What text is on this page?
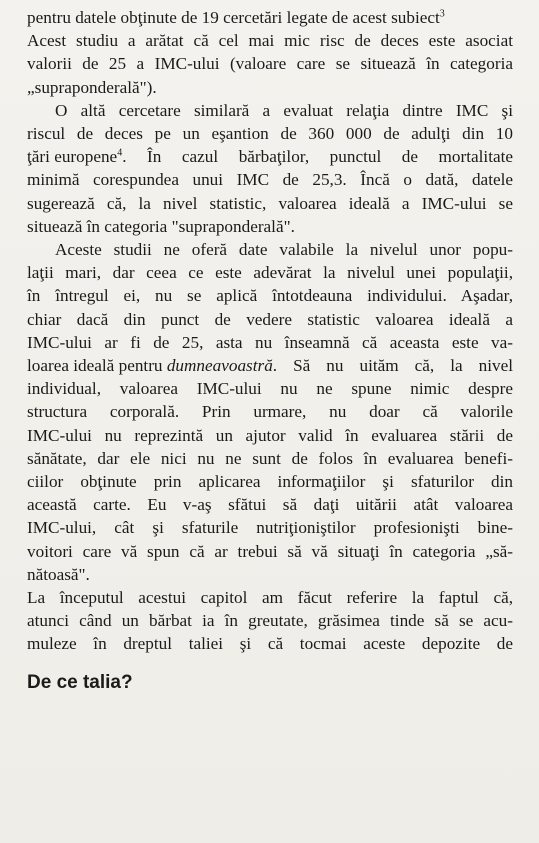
pentru datele obţinute de 19 cercetări legate de acest subiect$^3$
Acest studiu a arătat că cel mai mic risc de deces este asociat
valorii de 25 a IMC-ului (valoare care se situează în categoria
„supraponderală").
O altă cercetare similară a evaluat relaţia dintre IMC şi
riscul de deces pe un eşantion de 360 000 de adulţi din 10
ţări europene$^4$ . În cazul bărbaţilor, punctul de mortalitate
minimă corespundea unui IMC de 25,3. Încă o dată, datele
sugerează că, la nivel statistic, valoarea ideală a IMC-ului se
situează în categoria "supraponderală".
Aceste studii ne oferă date valabile la nivelul unor popu-
laţii mari, dar ceea ce este adevărat la nivelul unei populaţii,
în întregul ei, nu se aplică întotdeauna individului. Aşadar,
chiar dacă din punct de vedere statistic valoarea ideală a
IMC-ului ar fi de 25, asta nu înseamnă că aceasta este va-
loarea ideală pentru dumneavoastră . Să nu uităm că, la nivel
individual, valoarea IMC-ului nu ne spune nimic despre
structura corporală. Prin urmare, nu doar că valorile
IMC-ului nu reprezintă un ajutor valid în evaluarea stării de
sănătate, dar ele nici nu ne sunt de folos în evaluarea benefi-
ciilor obţinute prin aplicarea informaţiilor şi sfaturilor din
această carte. Eu v-aş sfătui să daţi uitării atât valoarea
IMC-ului, cât şi sfaturile nutriţioniştilor profesionişti bine-
voitori care vă spun că ar trebui să vă situaţi în categoria „să-
nătoasă".
De ce talia?
La începutul acestui capitol am făcut referire la faptul că,
atunci când un bărbat ia în greutate, grăsimea tinde să se acu-
muleze în dreptul taliei şi că tocmai aceste depozite de
